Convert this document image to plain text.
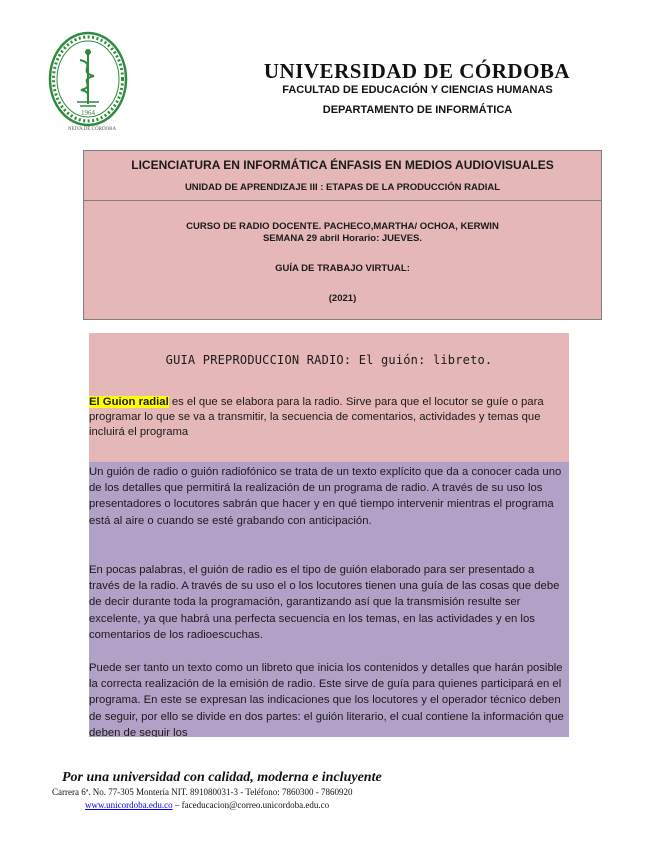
1964
NEIVA DE CÓRDOBA
UNIVERSIDAD DE CÓRDOBA
FACULTAD DE EDUCACIÓN Y CIENCIAS HUMANAS
DEPARTAMENTO DE INFORMÁTICA
LICENCIATURA EN INFORMÁTICA ÉNFASIS EN MEDIOS AUDIOVISUALES
UNIDAD DE APRENDIZAJE III : ETAPAS DE LA PRODUCCIÓN RADIAL
CURSO DE RADIO DOCENTE. PACHECO,MARTHA/ OCHOA, KERWIN
SEMANA 29 abril Horario: JUEVES.
GUÍA DE TRABAJO VIRTUAL:
(2021)
GUIA PREPRODUCCION RADIO: El guión: libreto.
El Guion radial es el que se elabora para la radio. Sirve para que el locutor se guíe o para programar lo que se va a transmitir, la secuencia de comentarios, actividades y temas que incluirá el programa
Un guión de radio o guión radiofónico se trata de un texto explícito que da a conocer cada uno de los detalles que permitirá la realización de un programa de radio. A través de su uso los presentadores o locutores sabrán que hacer y en qué tiempo intervenir mientras el programa está al aire o cuando se esté grabando con anticipación.
En pocas palabras, el guión de radio es el tipo de guión elaborado para ser presentado a través de la radio. A través de su uso el o los locutores tienen una guía de las cosas que debe de decir durante toda la programación, garantizando así que la transmisión resulte ser excelente, ya que habrá una perfecta secuencia en los temas, en las actividades y en los comentarios de los radioescuchas.
Puede ser tanto un texto como un libreto que inicia los contenidos y detalles que harán posible la correcta realización de la emisión de radio. Este sirve de guía para quienes participará en el programa. En este se expresan las indicaciones que los locutores y el operador técnico deben de seguir, por ello se divide en dos partes: el guión literario, el cual contiene la información que deben de seguir los
Por una universidad con calidad, moderna e incluyente
Carrera 6ª. No. 77-305 Montería NIT. 891080031-3 - Teléfono: 7860300 - 7860920
www.unicordoba.edu.co – faceducacion@correo.unicordoba.edu.co
